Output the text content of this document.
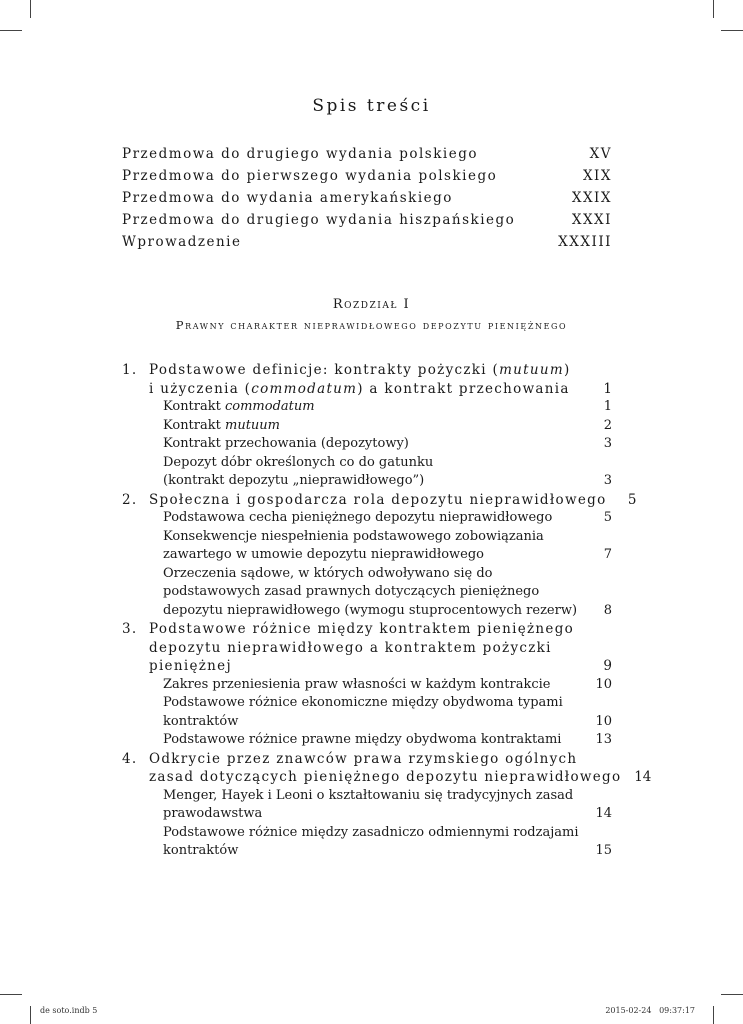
Spis treści
Przedmowa do drugiego wydania polskiego	XV
Przedmowa do pierwszego wydania polskiego	XIX
Przedmowa do wydania amerykańskiego	XXIX
Przedmowa do drugiego wydania hiszpańskiego	XXXI
Wprowadzenie	XXXIII
Rozdział I
Prawny charakter nieprawidłowego depozytu pieniężnego
1. Podstawowe definicje: kontrakty pożyczki (mutuum)
i użyczenia (commodatum) a kontrakt przechowania	1
Kontrakt commodatum	1
Kontrakt mutuum	2
Kontrakt przechowania (depozytowy)	3
Depozyt dóbr określonych co do gatunku
(kontrakt depozytu „nieprawidłowego”)	3
2. Społeczna i gospodarcza rola depozytu nieprawidłowego	5
Podstawowa cecha pieniężnego depozytu nieprawidłowego	5
Konsekwencje niespełnienia podstawowego zobowiązania
zawartego w umowie depozytu nieprawidłowego	7
Orzeczenia sądowe, w których odwoływano się do
podstawowych zasad prawnych dotyczących pieniężnego
depozytu nieprawidłowego (wymogu stuprocentowych rezerw)	8
3. Podstawowe różnice między kontraktem pieniężnego
depozytu nieprawidłowego a kontraktem pożyczki
pieniężnej	9
Zakres przeniesienia praw własności w każdym kontrakcie	10
Podstawowe różnice ekonomiczne między obydwoma typami
kontraktów	10
Podstawowe różnice prawne między obydwoma kontraktami	13
4. Odkrycie przez znawców prawa rzymskiego ogólnych
zasad dotyczących pieniężnego depozytu nieprawidłowego 14
Menger, Hayek i Leoni o kształtowaniu się tradycyjnych zasad
prawodawstwa	14
Podstawowe różnice między zasadniczo odmiennymi rodzajami
kontraktów	15
de soto.indb 5	2015-02-24   09:37:17
